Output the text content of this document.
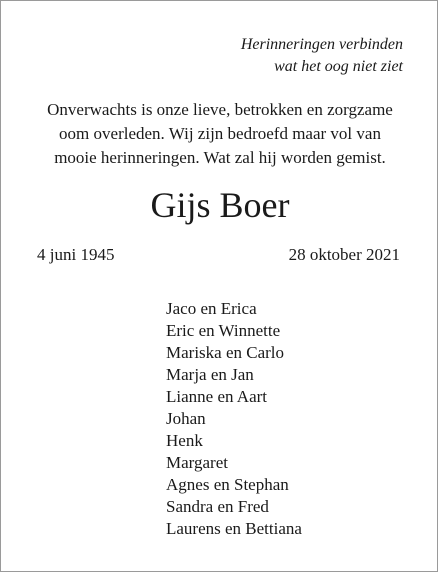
Herinneringen verbinden
wat het oog niet ziet
Onverwachts is onze lieve, betrokken en zorgzame
oom overleden. Wij zijn bedroefd maar vol van
mooie herinneringen. Wat zal hij worden gemist.
Gijs Boer
4 juni 1945	28 oktober 2021
Jaco en Erica
Eric en Winnette
Mariska en Carlo
Marja en Jan
Lianne en Aart
Johan
Henk
Margaret
Agnes en Stephan
Sandra en Fred
Laurens en Bettiana
